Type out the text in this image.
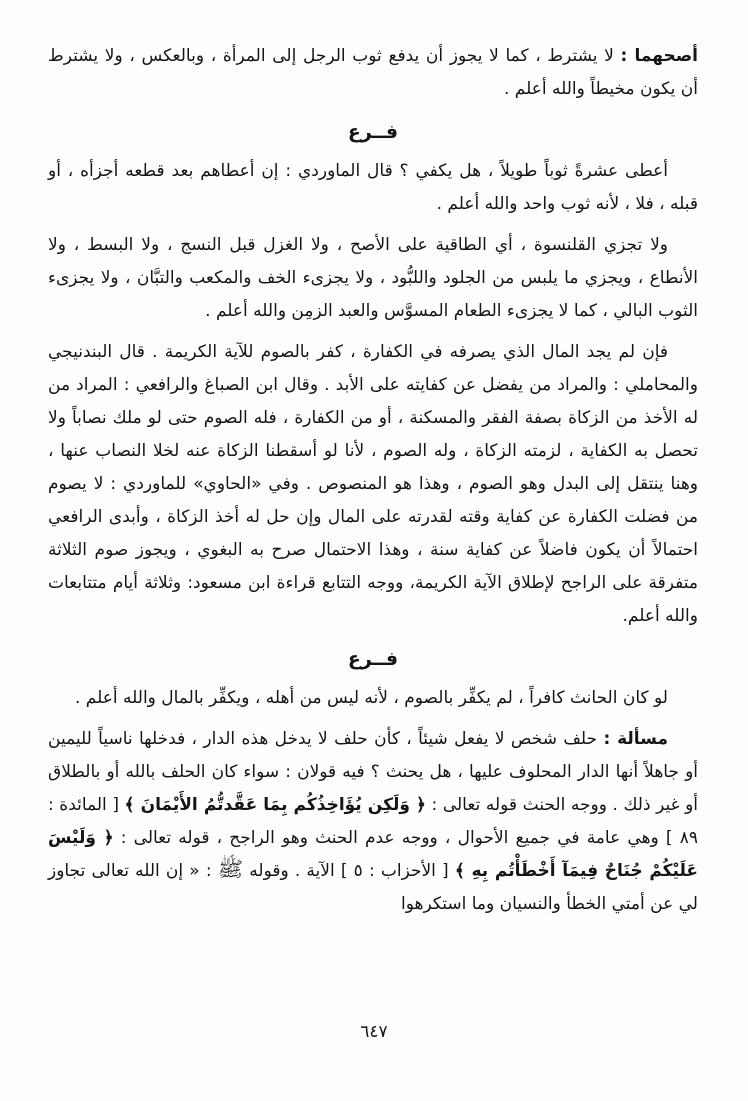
أصحهما : لا يشترط ، كما لا يجوز أن يدفع ثوب الرجل إلى المرأة ، وبالعكس ، ولا يشترط أن يكون مخيطاً والله أعلم .

فــرع

أعطى عشرةً ثوباً طويلاً ، هل يكفي ؟ قال الماوردي : إن أعطاهم بعد قطعه أجزأه ، أو قبله ، فلا ، لأنه ثوب واحد والله أعلم .

ولا تجزي القلنسوة ، أي الطاقية على الأصح ، ولا الغزل قبل النسج ، ولا البسط ، ولا الأنطاع ، ويجزي ما يلبس من الجلود واللبُّود ، ولا يجزىء الخف والمكعب والتبَّان ، ولا يجزىء الثوب البالي ، كما لا يجزىء الطعام المسوَّس والعبد الزمِن والله أعلم .

فإن لم يجد المال الذي يصرفه في الكفارة ، كفر بالصوم للآية الكريمة . قال البندنيجي والمحاملي : والمراد من يفضل عن كفايته على الأبد . وقال ابن الصباغ والرافعي : المراد من له الأخذ من الزكاة بصفة الفقر والمسكنة ، أو من الكفارة ، فله الصوم حتى لو ملك نصاباً ولا تحصل به الكفاية ، لزمته الزكاة ، وله الصوم ، لأنا لو أسقطنا الزكاة عنه لخلا النصاب عنها ، وهنا ينتقل إلى البدل وهو الصوم ، وهذا هو المنصوص . وفي «الحاوي» للماوردي : لا يصوم من فضلت الكفارة عن كفاية وقته لقدرته على المال وإن حل له أخذ الزكاة ، وأبدى الرافعي احتمالاً أن يكون فاضلاً عن كفاية سنة ، وهذا الاحتمال صرح به البغوي ، ويجوز صوم الثلاثة متفرقة على الراجح لإطلاق الآية الكريمة، ووجه التتابع قراءة ابن مسعود: وثلاثة أيام متتابعات والله أعلم.

فــرع

لو كان الحانث كافراً ، لم يكفِّر بالصوم ، لأنه ليس من أهله ، ويكفِّر بالمال والله أعلم .

مسألة : حلف شخص لا يفعل شيئاً ، كأن حلف لا يدخل هذه الدار ، فدخلها ناسياً لليمين أو جاهلاً أنها الدار المحلوف عليها ، هل يحنث ؟ فيه قولان : سواء كان الحلف بالله أو بالطلاق أو غير ذلك . ووجه الحنث قوله تعالى : ﴿ وَلَكِن يُؤَاخِذُكُم بِمَا عَقَّدتُّمُ الأَيْمَانَ ﴾ [ المائدة : ٨٩ ] وهي عامة في جميع الأحوال ، ووجه عدم الحنث وهو الراجح ، قوله تعالى : ﴿ وَلَيْسَ عَلَيْكُمْ جُنَاحٌ فِيمَآ أَخْطَأْتُم بِهِ ﴾ [ الأحزاب : ٥ ] الآية . وقوله ﷺ : « إن الله تعالى تجاوز لي عن أمتي الخطأ والنسيان وما استكرهوا

٦٤٧
